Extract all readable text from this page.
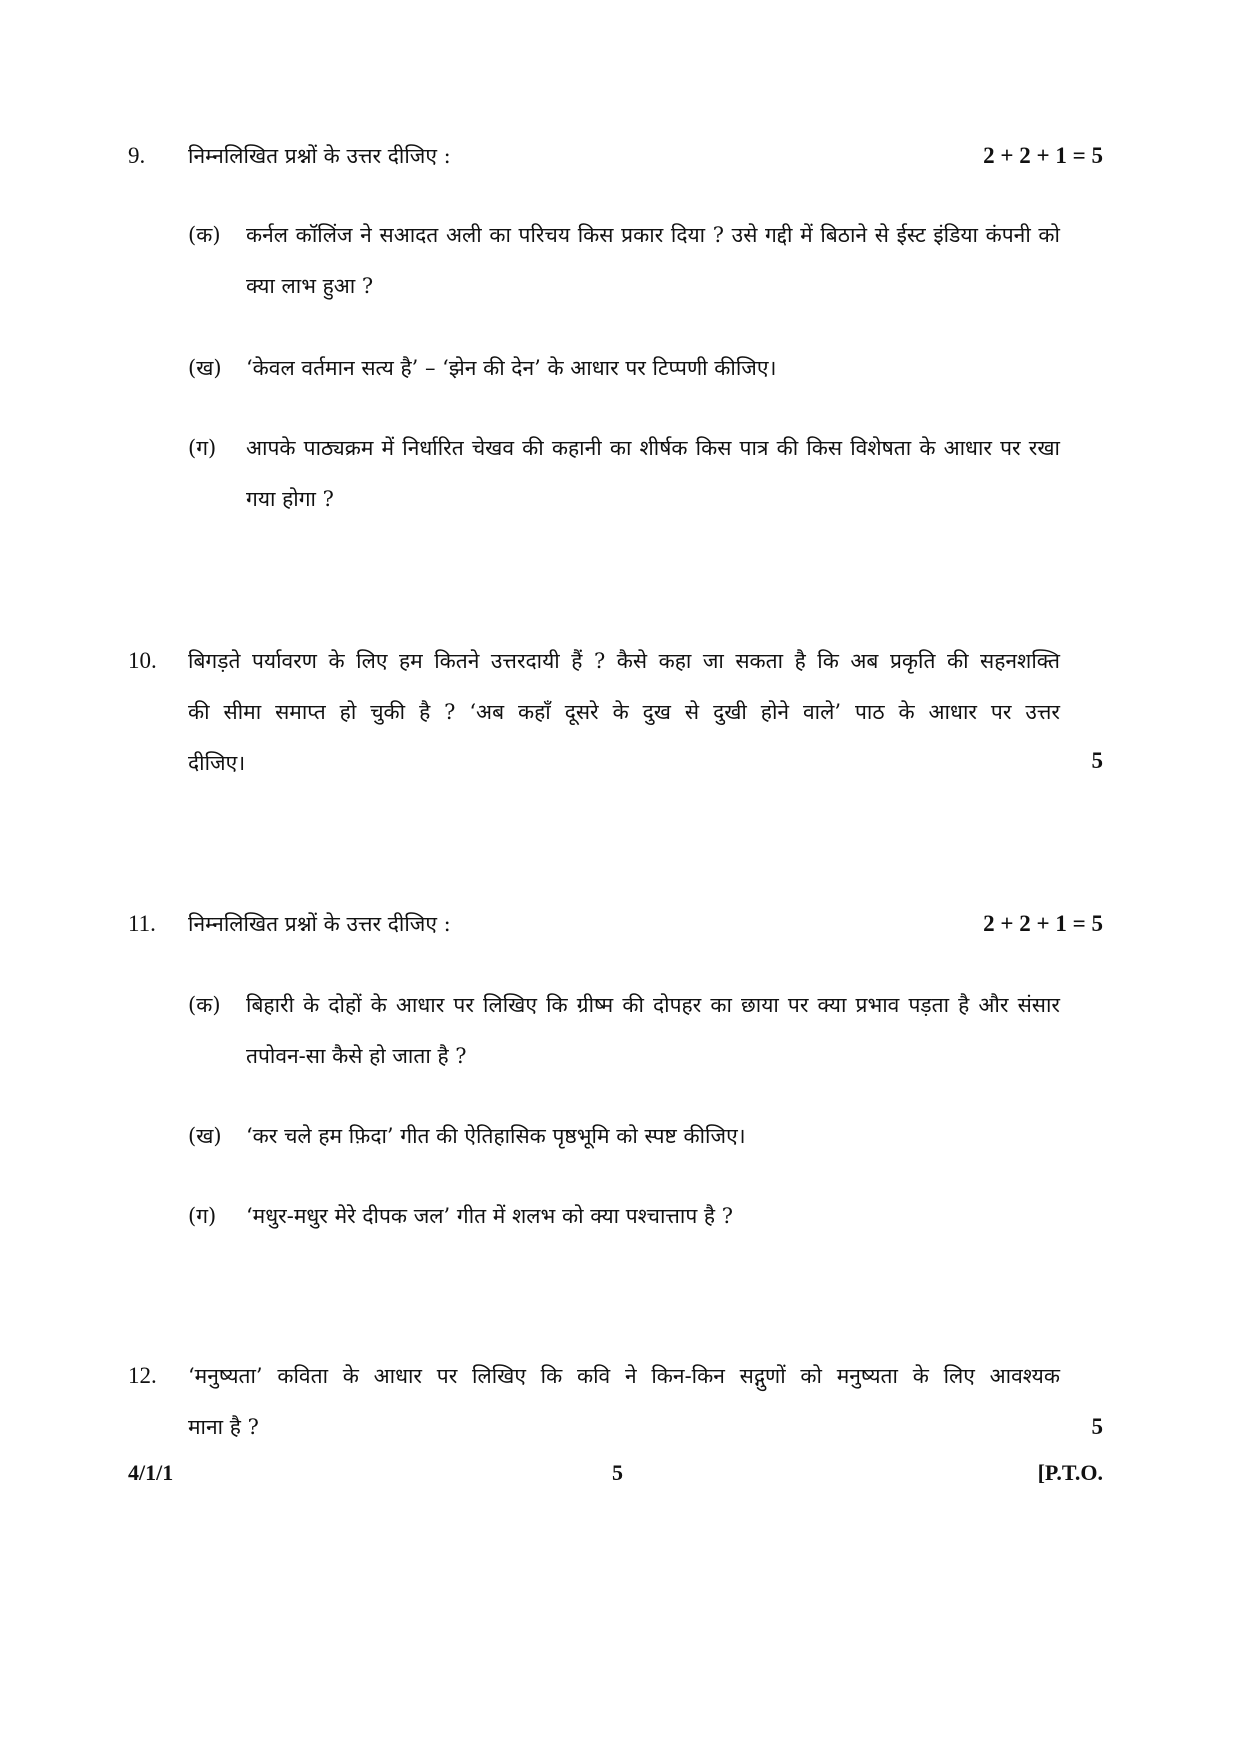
9. निम्नलिखित प्रश्नों के उत्तर दीजिए :	2 + 2 + 1 = 5
(क) कर्नल कॉलिंज ने सआदत अली का परिचय किस प्रकार दिया ? उसे गद्दी में बिठाने से ईस्ट इंडिया कंपनी को क्या लाभ हुआ ?
(ख) ‘केवल वर्तमान सत्य है’ – ‘झेन की देन’ के आधार पर टिप्पणी कीजिए।
(ग) आपके पाठ्यक्रम में निर्धारित चेखव की कहानी का शीर्षक किस पात्र की किस विशेषता के आधार पर रखा गया होगा ?
10. बिगड़ते पर्यावरण के लिए हम कितने उत्तरदायी हैं ? कैसे कहा जा सकता है कि अब प्रकृति की सहनशक्ति
की सीमा समाप्त हो चुकी है ? ‘अब कहाँ दूसरे के दुख से दुखी होने वाले’ पाठ के आधार पर उत्तर
दीजिए।	5
11. निम्नलिखित प्रश्नों के उत्तर दीजिए :	2 + 2 + 1 = 5
(क) बिहारी के दोहों के आधार पर लिखिए कि ग्रीष्म की दोपहर का छाया पर क्या प्रभाव पड़ता है और संसार तपोवन-सा कैसे हो जाता है ?
(ख) ‘कर चले हम फ़िदा’ गीत की ऐतिहासिक पृष्ठभूमि को स्पष्ट कीजिए।
(ग) ‘मधुर-मधुर मेरे दीपक जल’ गीत में शलभ को क्या पश्चात्ताप है ?
12. ‘मनुष्यता’ कविता के आधार पर लिखिए कि कवि ने किन-किन सद्गुणों को मनुष्यता के लिए आवश्यक
माना है ?	5
4/1/1	5	[P.T.O.
